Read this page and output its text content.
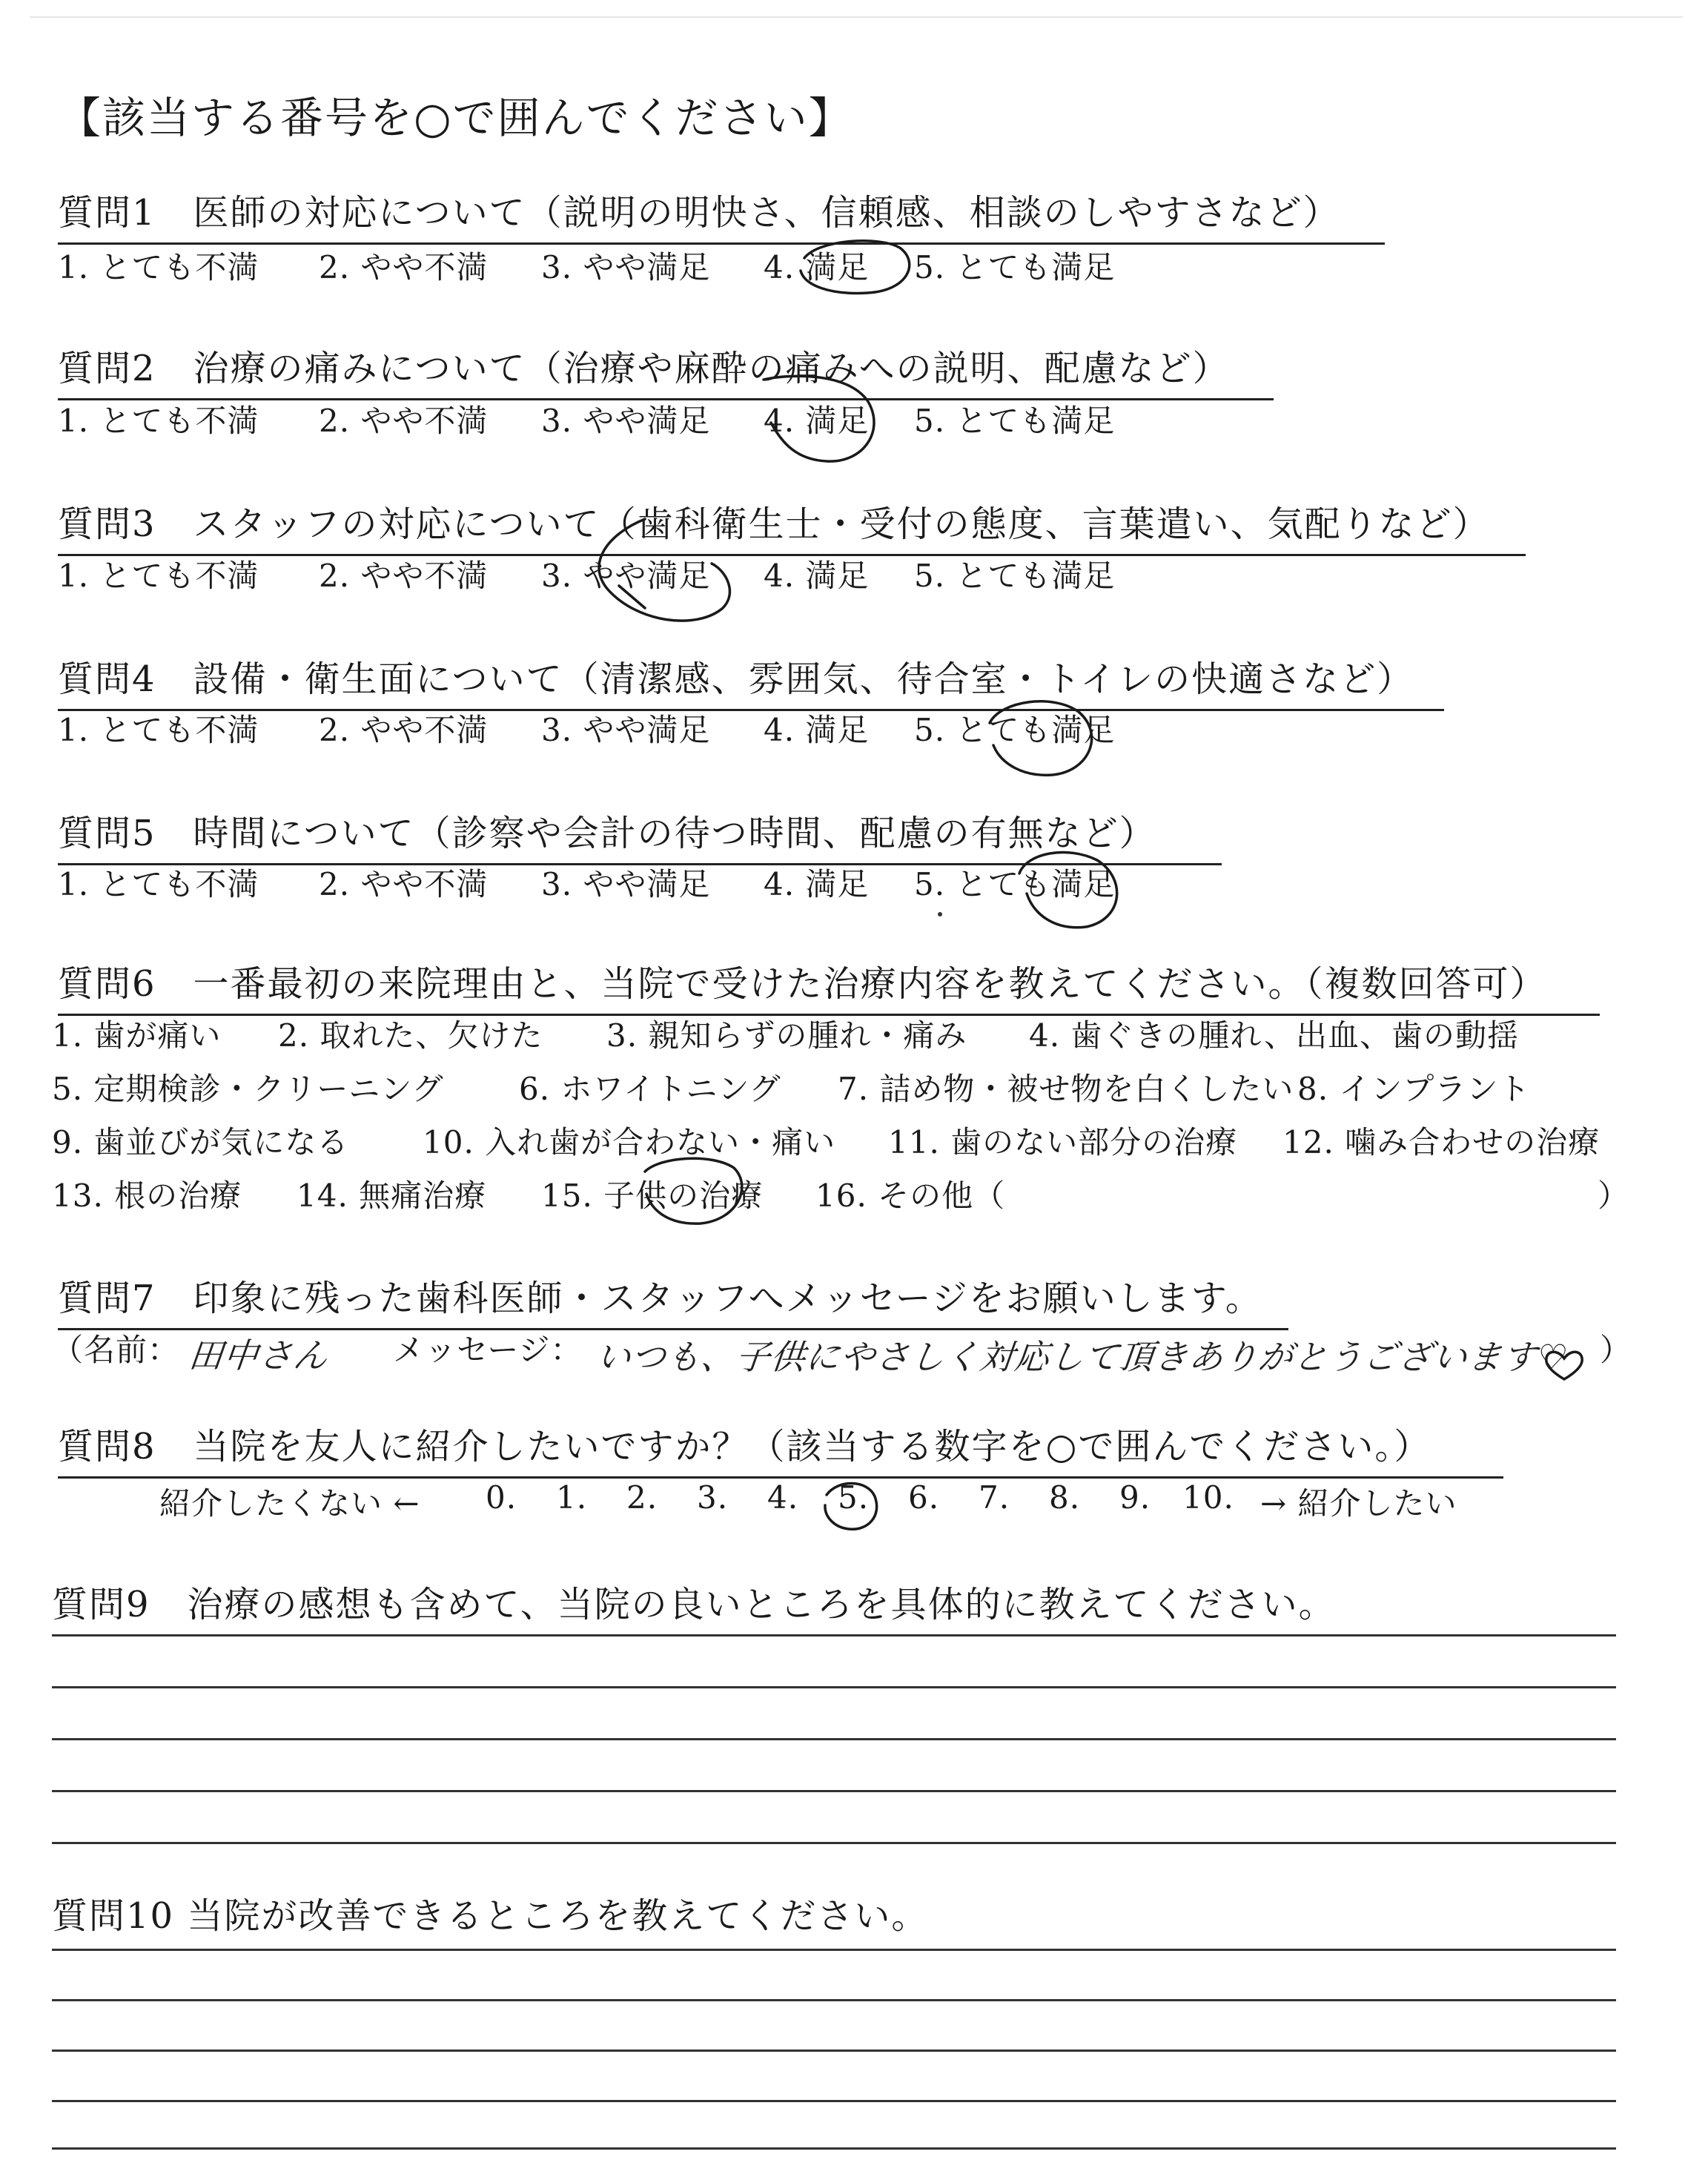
【該当する番号を○で囲んでください】
質問1　医師の対応について（説明の明快さ、信頼感、相談のしやすさなど）
1. とても不満 2. やや不満 3. やや満足 4. 満足 5. とても満足
質問2　治療の痛みについて（治療や麻酔の痛みへの説明、配慮など）
1. とても不満 2. やや不満 3. やや満足 4. 満足 5. とても満足
質問3　スタッフの対応について（歯科衛生士・受付の態度、言葉遣い、気配りなど）
1. とても不満 2. やや不満 3. やや満足 4. 満足 5. とても満足
質問4　設備・衛生面について（清潔感、雰囲気、待合室・トイレの快適さなど）
1. とても不満 2. やや不満 3. やや満足 4. 満足 5. とても満足
質問5　時間について（診察や会計の待つ時間、配慮の有無など）
1. とても不満 2. やや不満 3. やや満足 4. 満足 5. とても満足
質問6　一番最初の来院理由と、当院で受けた治療内容を教えてください。（複数回答可）
1. 歯が痛い 2. 取れた、欠けた 3. 親知らずの腫れ・痛み 4. 歯ぐきの腫れ、出血、歯の動揺
5. 定期検診・クリーニング 6. ホワイトニング 7. 詰め物・被せ物を白くしたい 8. インプラント
9. 歯並びが気になる 10. 入れ歯が合わない・痛い 11. 歯のない部分の治療 12. 噛み合わせの治療
13. 根の治療 14. 無痛治療 15. 子供の治療 16. その他（	）
質問7　印象に残った歯科医師・スタッフへメッセージをお願いします。
（名前： 田中さん メッセージ： いつも、子供にやさしく対応して頂きありがとうございます♡ ）
質問8　当院を友人に紹介したいですか？（該当する数字を○で囲んでください。）
紹介したくない ← 0. 1. 2. 3. 4. 5. 6. 7. 8. 9. 10. → 紹介したい
質問9　治療の感想も含めて、当院の良いところを具体的に教えてください。
質問10 当院が改善できるところを教えてください。
